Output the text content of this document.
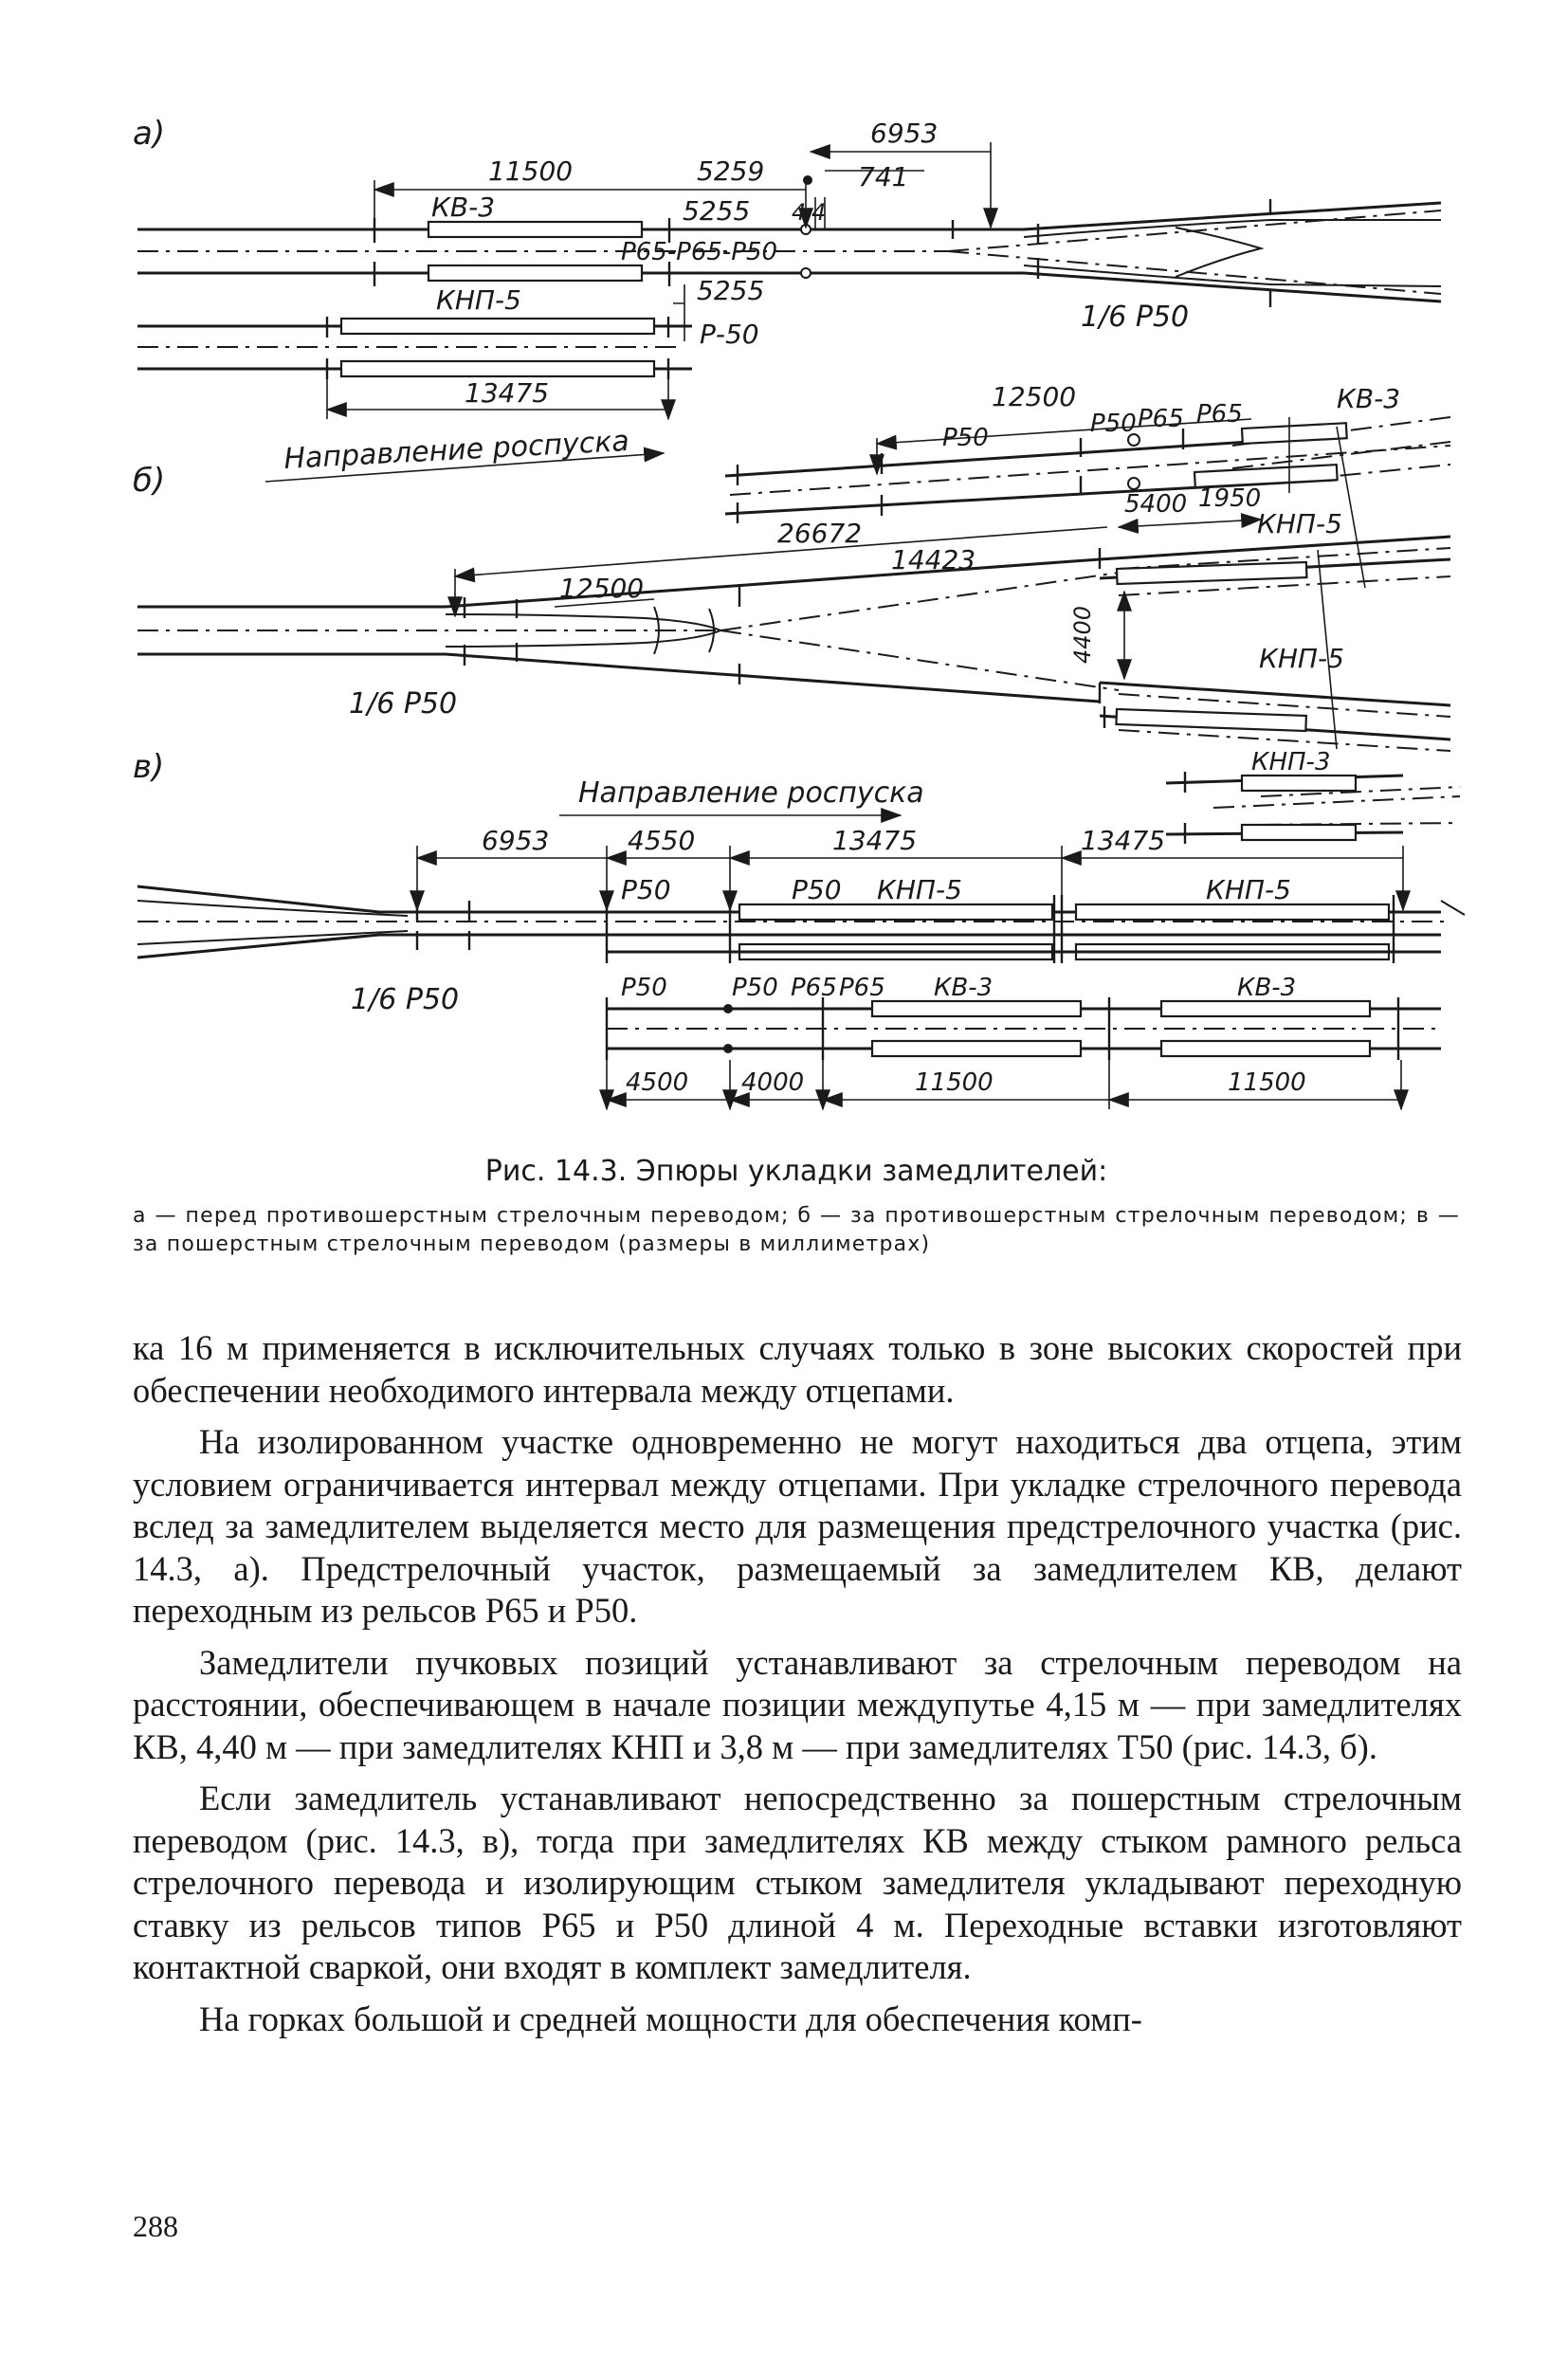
а)
11500	5259
6953
741
5255 4 4
5255
13475
КВ-3
КНП-5
Р65-Р65-Р50
Р-50
1/6 Р50
Направление роспуска
б)
12500
26672
14423
12500
5400 1950
4400
Р50	Р50 Р65 Р65	КВ-3
КНП-5
КНП-5
1/6 Р50
в)
Направление роспуска
6953	4550	13475	13475
4500 4000	11500	11500
КНП-3
Р50	Р50 КНП-5	КНП-5
Р50	Р50 Р65 Р65 КВ-3	КВ-3
1/6 Р50
Рис. 14.3. Эпюры укладки замедлителей:
а — перед противошерстным стрелочным переводом; б — за противошерстным стрелочным переводом; в — за пошерстным стрелочным переводом (размеры в миллиметрах)

ка 16 м применяется в исключительных случаях только в зоне высоких скоростей при обеспечении необходимого интервала между отцепами.

На изолированном участке одновременно не могут находиться два отцепа, этим условием ограничивается интервал между отцепами. При укладке стрелочного перевода вслед за замедлителем выделяется место для размещения предстрелочного участка (рис. 14.3, а). Предстрелочный участок, размещаемый за замедлителем КВ, делают переходным из рельсов Р65 и Р50.

Замедлители пучковых позиций устанавливают за стрелочным переводом на расстоянии, обеспечивающем в начале позиции междупутье 4,15 м — при замедлителях КВ, 4,40 м — при замедлителях КНП и 3,8 м — при замедлителях Т50 (рис. 14.3, б).

Если замедлитель устанавливают непосредственно за пошерстным стрелочным переводом (рис. 14.3, в), тогда при замедлителях КВ между стыком рамного рельса стрелочного перевода и изолирующим стыком замедлителя укладывают переходную ставку из рельсов типов Р65 и Р50 длиной 4 м. Переходные вставки изготовляют контактной сваркой, они входят в комплект замедлителя.

На горках большой и средней мощности для обеспечения комп-

288
